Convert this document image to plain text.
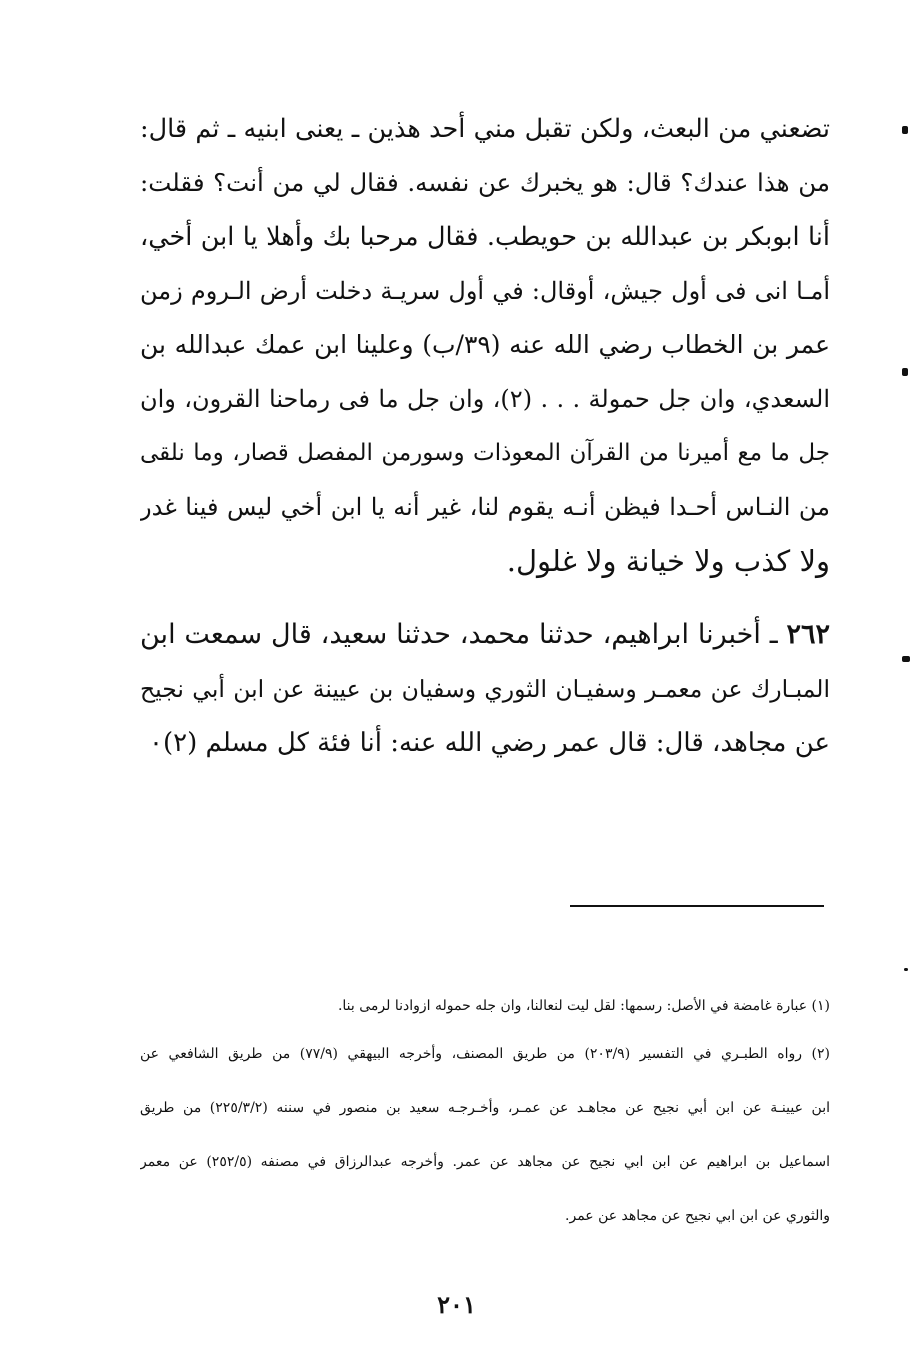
تضعني من البعث، ولكن تقبل مني أحد هذين ـ يعنى ابنيه ـ ثم قال:
من هذا عندك؟ قال: هو يخبرك عن نفسه. فقال لي من أنت؟ فقلت:
أنا ابوبكر بن عبدالله بن حويطب. فقال مرحبا بك وأهلا يا ابن أخي،
أمـا انى فى أول جيش، أوقال: في أول سريـة دخلت أرض الـروم زمن
عمر بن الخطاب رضي الله عنه (٣٩/ب) وعلينا ابن عمك عبدالله بن
السعدي، وان جل حمولة . . . (٢)، وان جل ما فى رماحنا القرون، وان
جل ما مع أميرنا من القرآن المعوذات وسورمن المفصل قصار، وما نلقى
من النـاس أحـدا فيظن أنـه يقوم لنا، غير أنه يا ابن أخي ليس فينا غدر
ولا كذب ولا خيانة ولا غلول.
٢٦٢ ـ أخبرنا ابراهيم، حدثنا محمد، حدثنا سعيد، قال سمعت ابن
المبـارك عن معمـر وسفيـان الثوري وسفيان بن عيينة عن ابن أبي نجيح
عن مجاهد، قال: قال عمر رضي الله عنه: أنا فئة كل مسلم (٢)٠
(١) عبارة غامضة في الأصل: رسمها: لقل ليت لنعالنا، وان جله حموله ازوادنا لرمى بنا.
(٢) رواه الطبـري في التفسير (٢٠٣/٩) من طريق المصنف، وأخرجه البيهقي (٧٧/٩) من طريق الشافعي عن
ابن عيينـة عن ابن أبي نجيح عن مجاهـد عن عمـر، وأخـرجـه سعيد بن منصور في سننه (٢٢٥/٣/٢) من طريق
اسماعيل بن ابراهيم عن ابن ابي نجيح عن مجاهد عن عمر. وأخرجه عبدالرزاق في مصنفه (٢٥٢/٥) عن معمر
والثوري عن ابن ابي نجيح عن مجاهد عن عمر.
٢٠١
